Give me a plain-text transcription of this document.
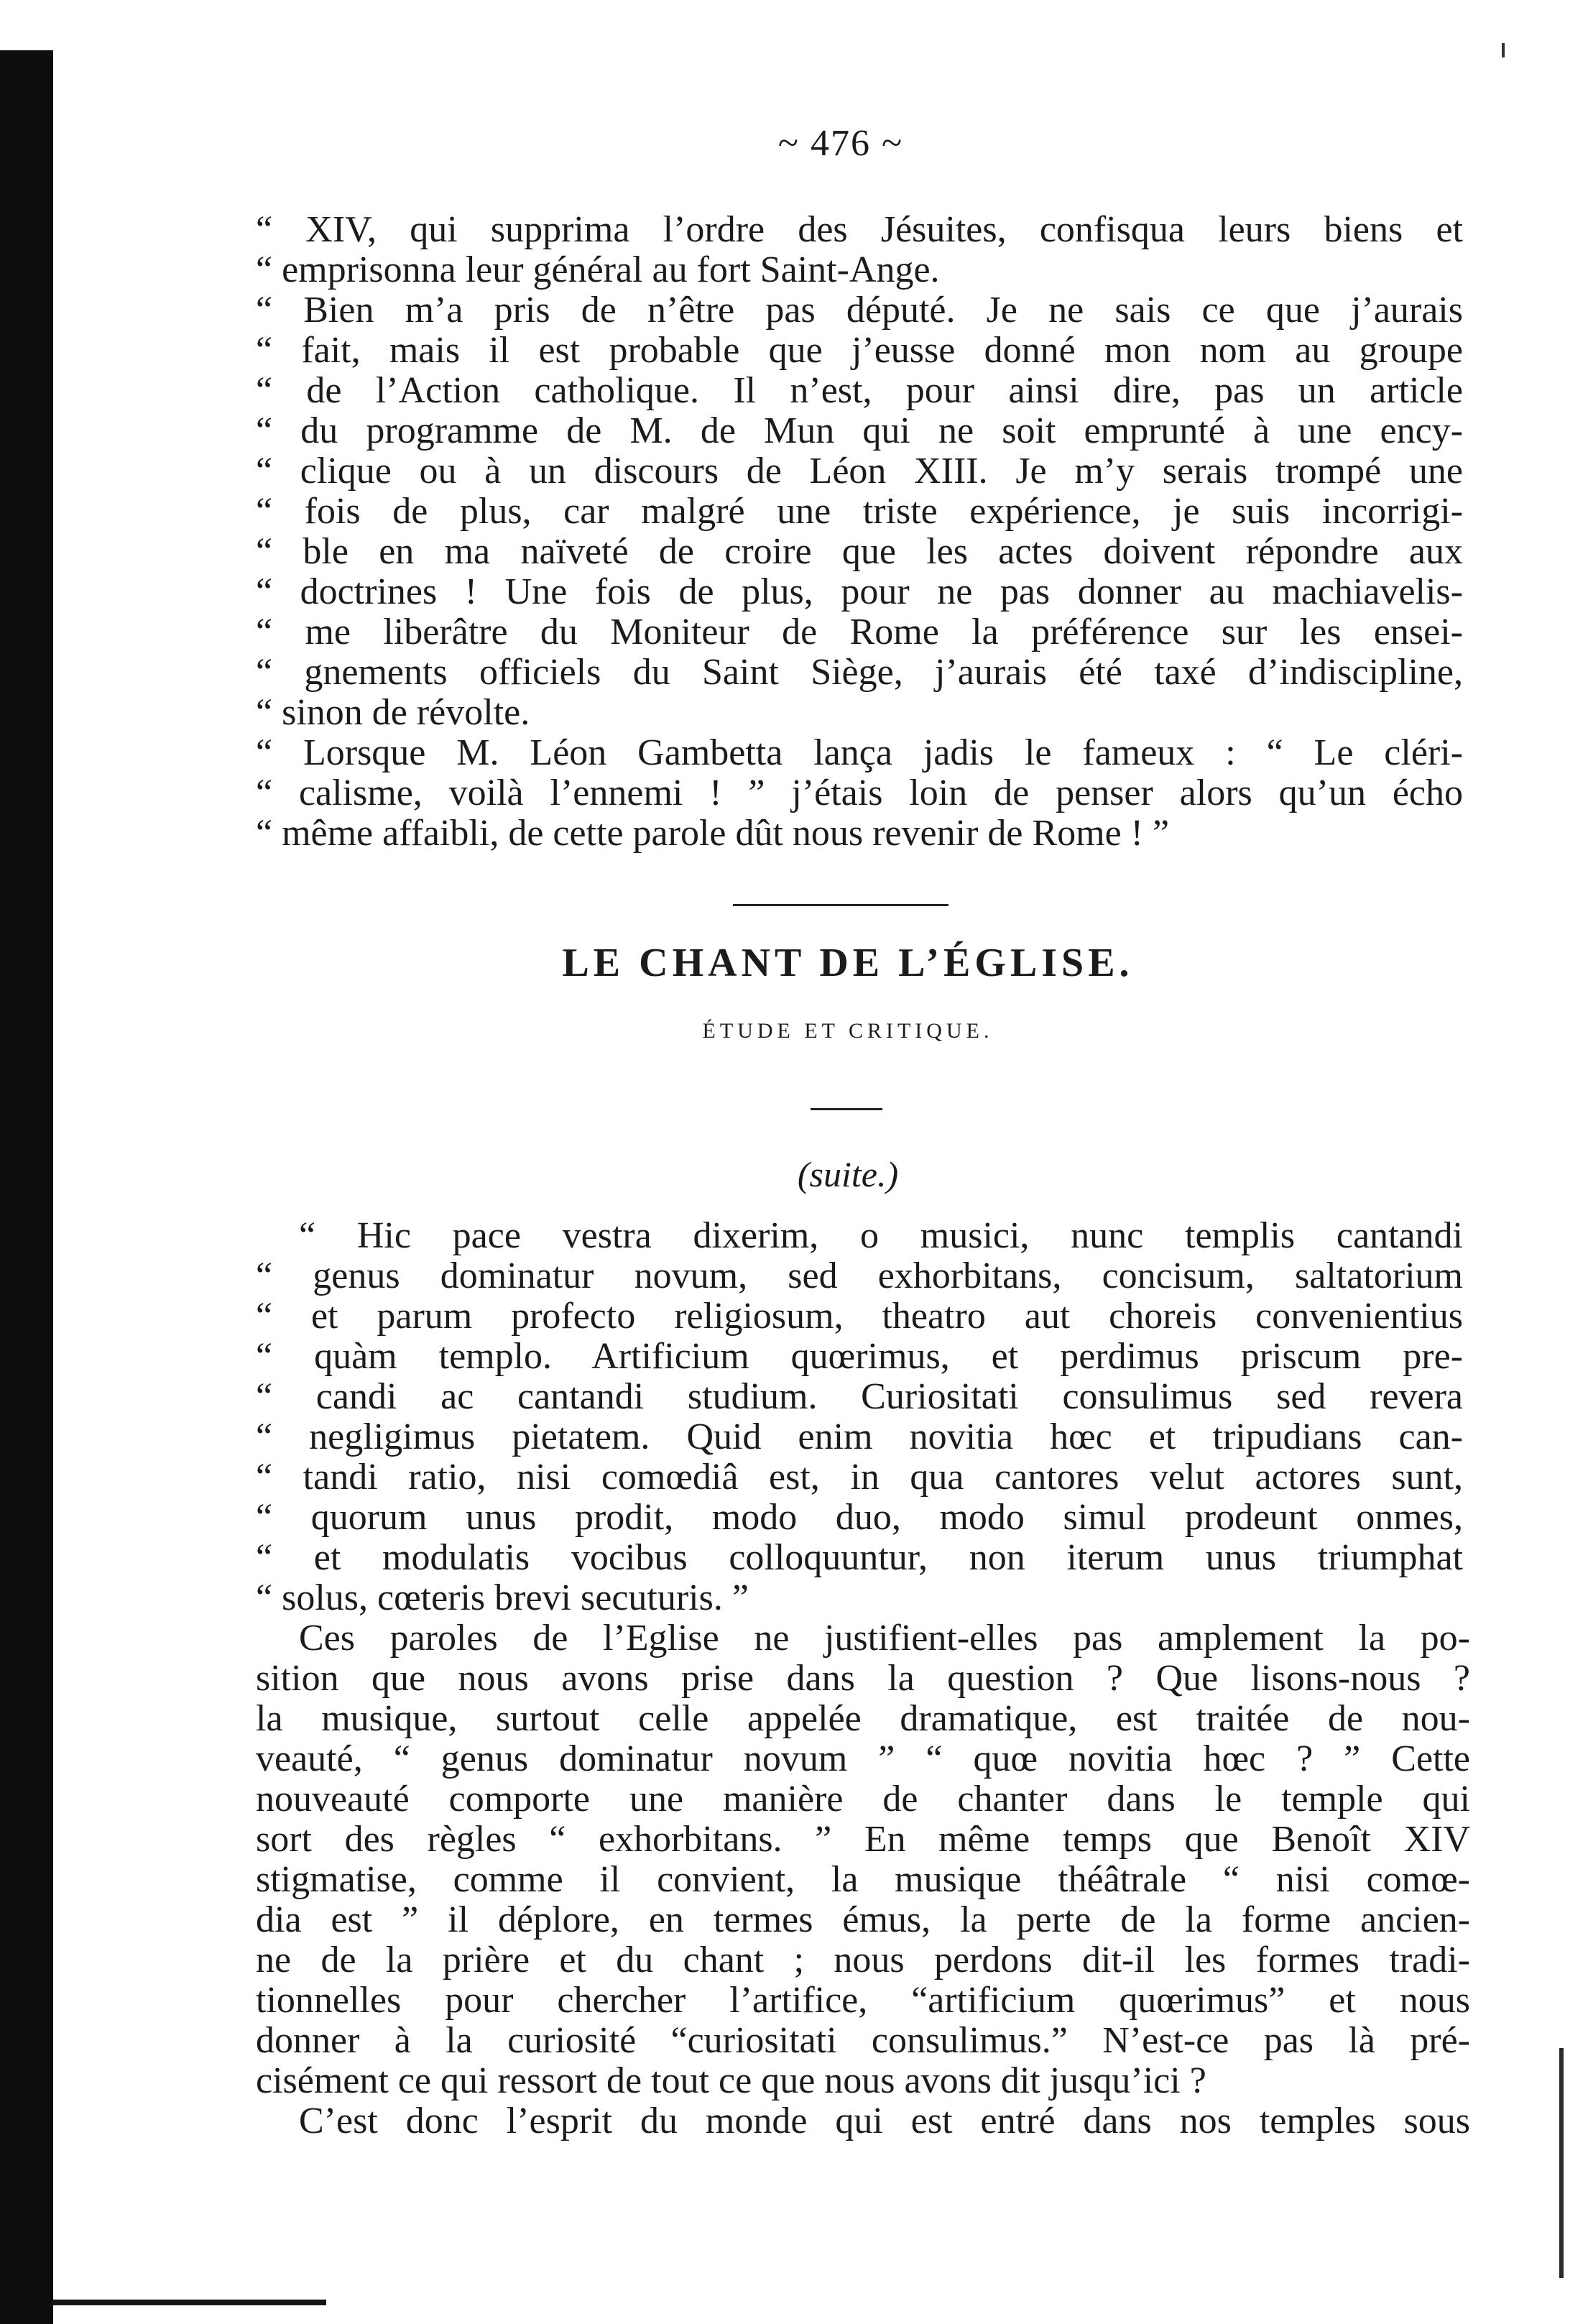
~ 476 ~
“ XIV, qui supprima l’ordre des Jésuites, confisqua leurs biens et
“ emprisonna leur général au fort Saint-Ange.
“ Bien m’a pris de n’être pas député. Je ne sais ce que j’aurais
“ fait, mais il est probable que j’eusse donné mon nom au groupe
“ de l’Action catholique. Il n’est, pour ainsi dire, pas un article
“ du programme de M. de Mun qui ne soit emprunté à une ency-
“ clique ou à un discours de Léon XIII. Je m’y serais trompé une
“ fois de plus, car malgré une triste expérience, je suis incorrigi-
“ ble en ma naïveté de croire que les actes doivent répondre aux
“ doctrines ! Une fois de plus, pour ne pas donner au machiavelis-
“ me liberâtre du Moniteur de Rome la préférence sur les ensei-
“ gnements officiels du Saint Siège, j’aurais été taxé d’indiscipline,
“ sinon de révolte.
“ Lorsque M. Léon Gambetta lança jadis le fameux : “ Le cléri-
“ calisme, voilà l’ennemi ! ” j’étais loin de penser alors qu’un écho
“ même affaibli, de cette parole dût nous revenir de Rome ! ”
LE CHANT DE L’ÉGLISE.
ÉTUDE ET CRITIQUE.
(suite.)
“ Hic pace vestra dixerim, o musici, nunc templis cantandi
“ genus dominatur novum, sed exhorbitans, concisum, saltatorium
“ et parum profecto religiosum, theatro aut choreis convenientius
“ quàm templo. Artificium quœrimus, et perdimus priscum pre-
“ candi ac cantandi studium. Curiositati consulimus sed revera
“ negligimus pietatem. Quid enim novitia hœc et tripudians can-
“ tandi ratio, nisi comœdiâ est, in qua cantores velut actores sunt,
“ quorum unus prodit, modo duo, modo simul prodeunt onmes,
“ et modulatis vocibus colloquuntur, non iterum unus triumphat
“ solus, cœteris brevi secuturis. ”
Ces paroles de l’Eglise ne justifient-elles pas amplement la po-
sition que nous avons prise dans la question ? Que lisons-nous ?
la musique, surtout celle appelée dramatique, est traitée de nou-
veauté, “ genus dominatur novum ” “ quœ novitia hœc ? ” Cette
nouveauté comporte une manière de chanter dans le temple qui
sort des règles “ exhorbitans. ” En même temps que Benoît XIV
stigmatise, comme il convient, la musique théâtrale “ nisi comœ-
dia est ” il déplore, en termes émus, la perte de la forme ancien-
ne de la prière et du chant ; nous perdons dit-il les formes tradi-
tionnelles pour chercher l’artifice, “artificium quœrimus” et nous
donner à la curiosité “curiositati consulimus.” N’est-ce pas là pré-
cisément ce qui ressort de tout ce que nous avons dit jusqu’ici ?
C’est donc l’esprit du monde qui est entré dans nos temples sous
